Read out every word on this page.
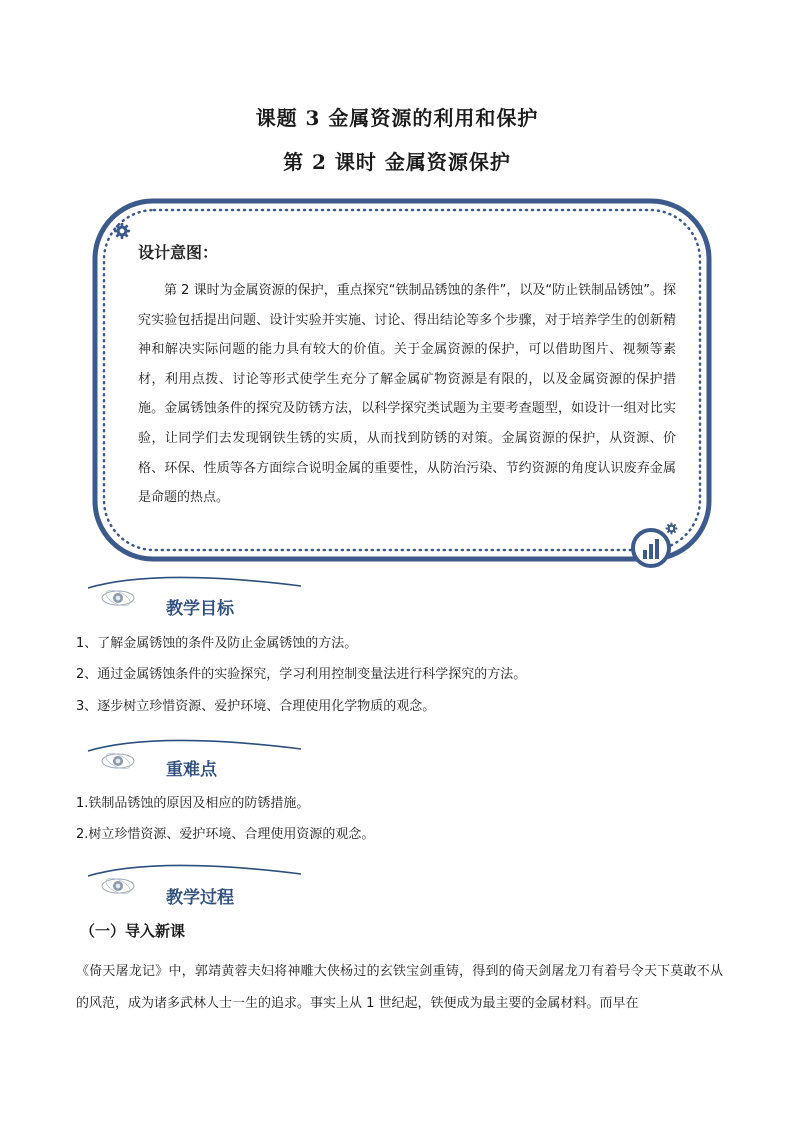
课题 3 金属资源的利用和保护
第 2 课时 金属资源保护
设计意图：
第 2 课时为金属资源的保护，重点探究“铁制品锈蚀的条件”，以及“防止铁制品锈蚀”。探究实验包括提出问题、设计实验并实施、讨论、得出结论等多个步骤，对于培养学生的创新精神和解决实际问题的能力具有较大的价值。关于金属资源的保护，可以借助图片、视频等素材，利用点拨、讨论等形式使学生充分了解金属矿物资源是有限的，以及金属资源的保护措施。金属锈蚀条件的探究及防锈方法，以科学探究类试题为主要考查题型，如设计一组对比实验，让同学们去发现钢铁生锈的实质，从而找到防锈的对策。金属资源的保护，从资源、价格、环保、性质等各方面综合说明金属的重要性，从防治污染、节约资源的角度认识废弃金属是命题的热点。
教学目标
1、了解金属锈蚀的条件及防止金属锈蚀的方法。
2、通过金属锈蚀条件的实验探究，学习利用控制变量法进行科学探究的方法。
3、逐步树立珍惜资源、爱护环境、合理使用化学物质的观念。
重难点
1.铁制品锈蚀的原因及相应的防锈措施。
2.树立珍惜资源、爱护环境、合理使用资源的观念。
教学过程
（一）导入新课
《倚天屠龙记》中，郭靖黄蓉夫妇将神雕大侠杨过的玄铁宝剑重铸，得到的倚天剑屠龙刀有着号令天下莫敢不从的风范，成为诸多武林人士一生的追求。事实上从 1 世纪起，铁便成为最主要的金属材料。而早在
